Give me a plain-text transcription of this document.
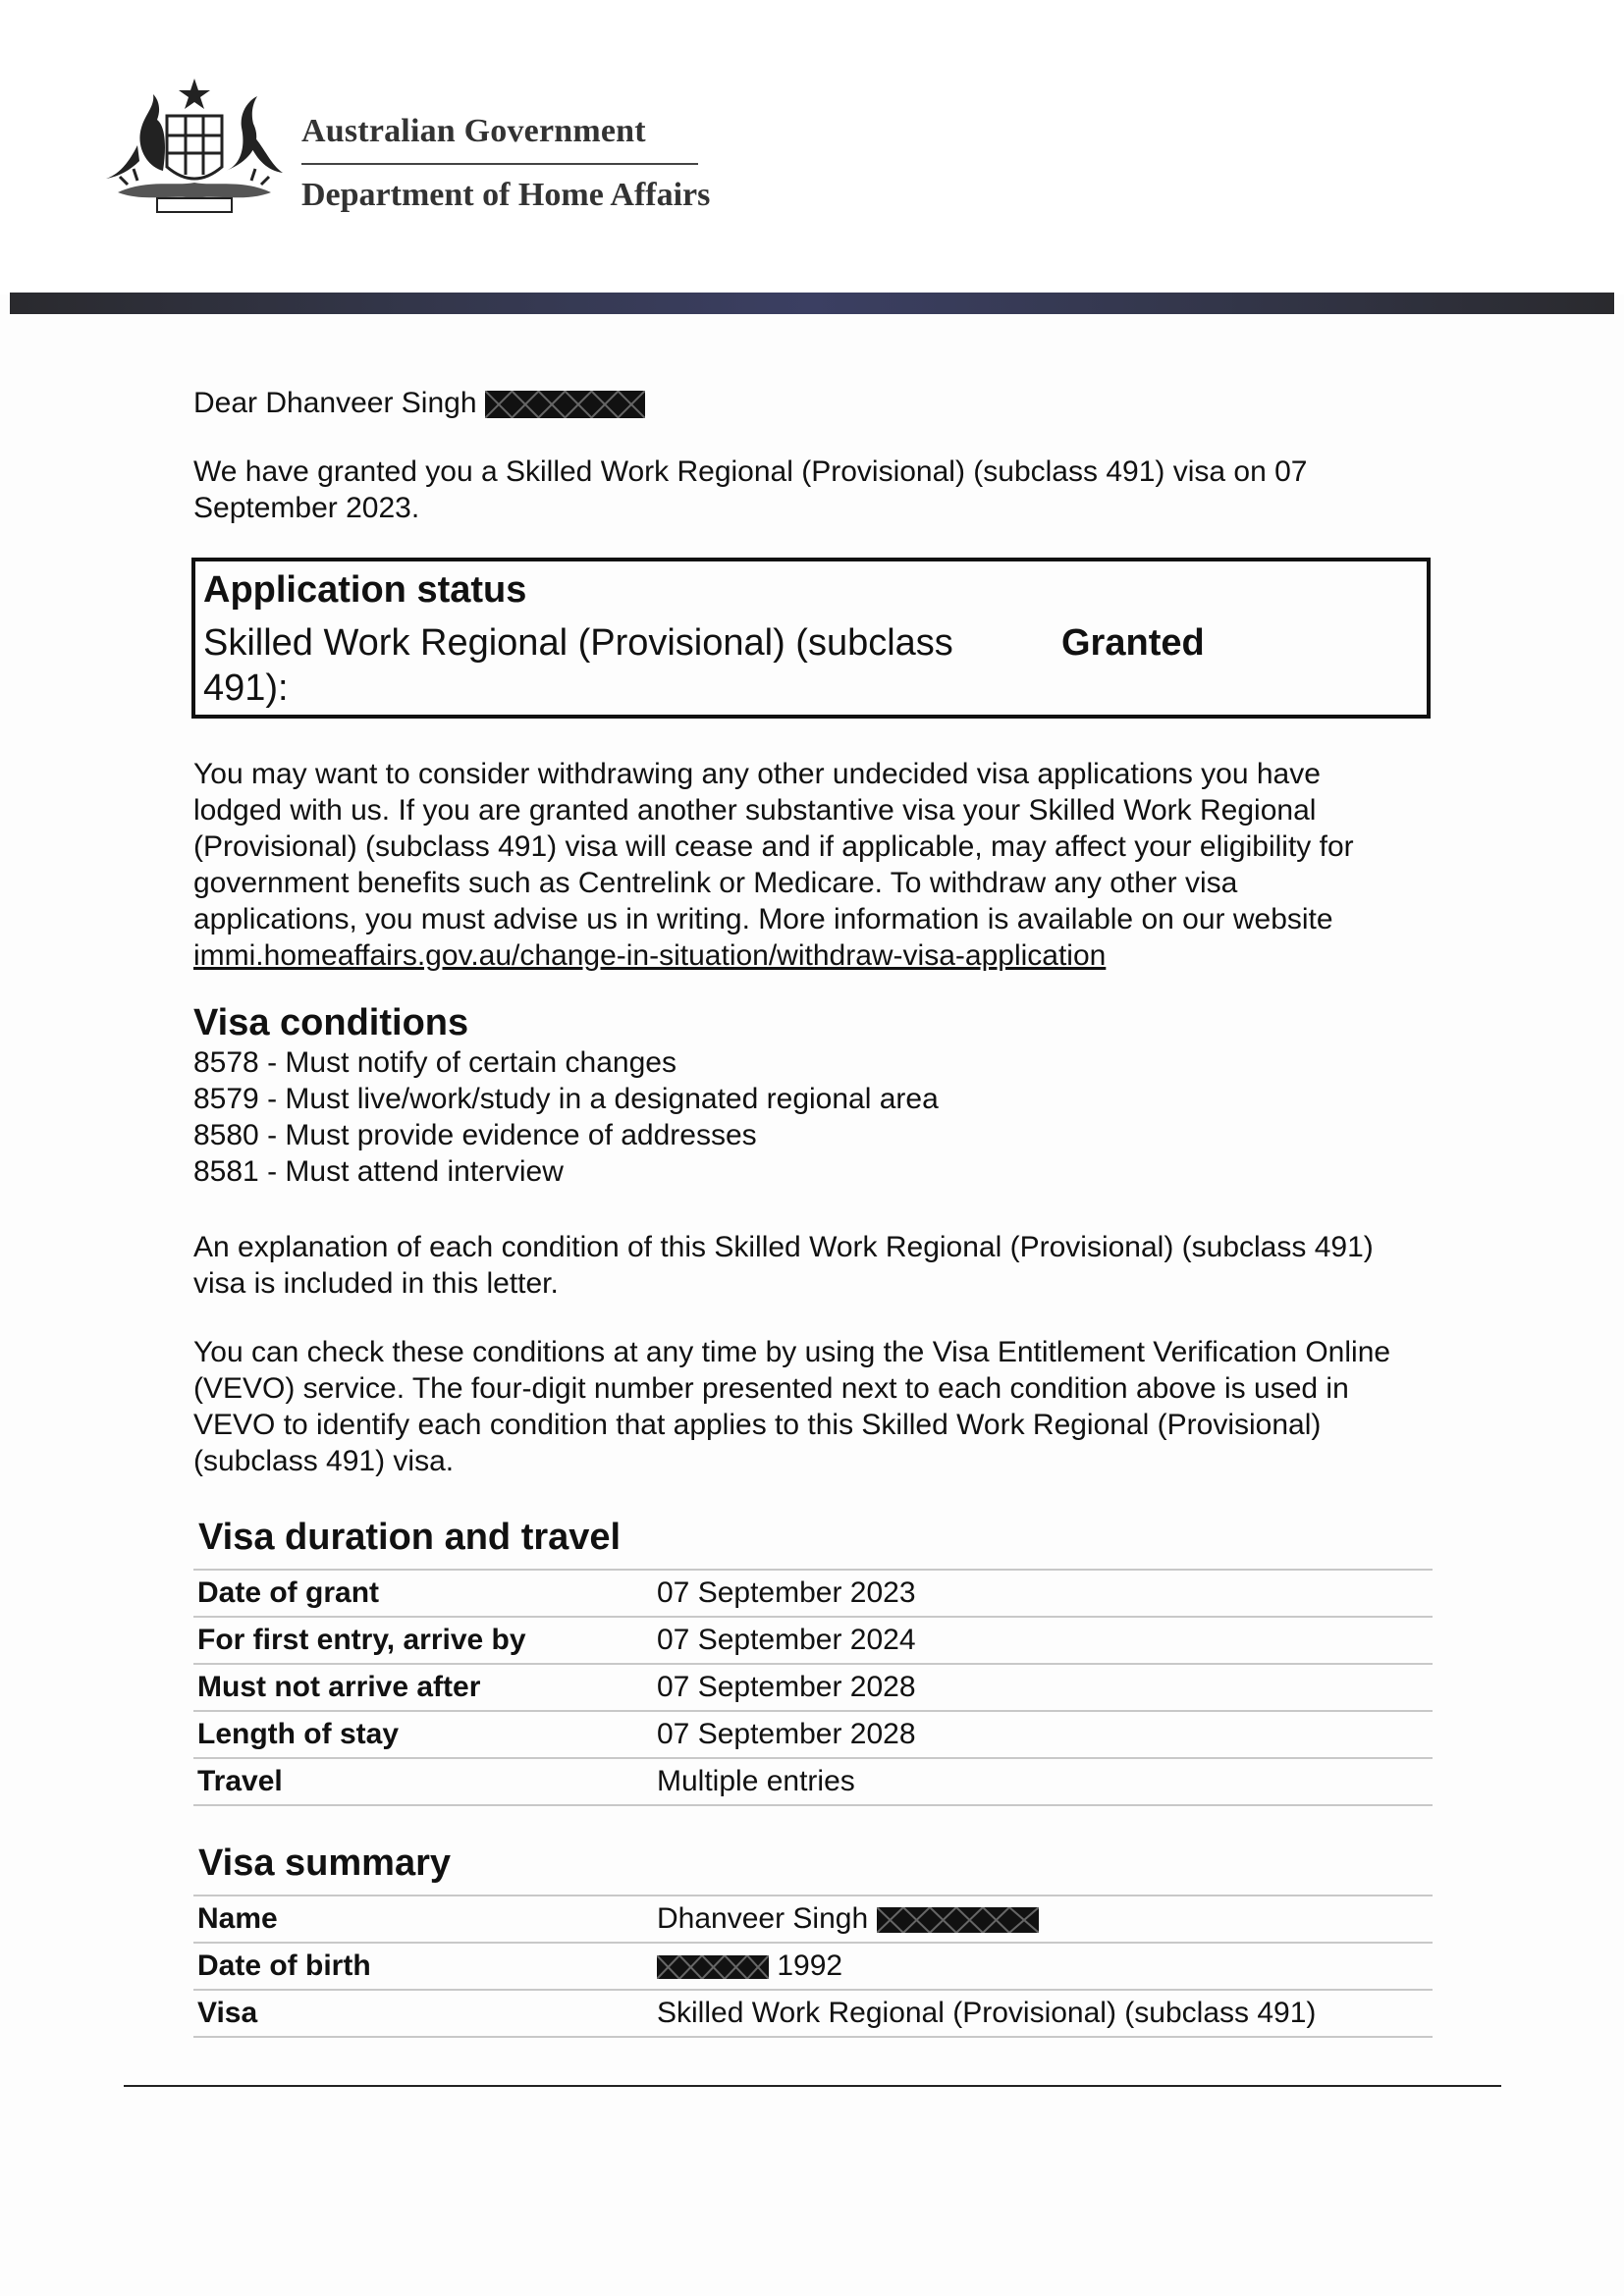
Australian Government
Department of Home Affairs

Dear Dhanveer Singh

We have granted you a Skilled Work Regional (Provisional) (subclass 491) visa on 07 September 2023.

Application status
Skilled Work Regional (Provisional) (subclass 491):
Granted

You may want to consider withdrawing any other undecided visa applications you have lodged with us. If you are granted another substantive visa your Skilled Work Regional (Provisional) (subclass 491) visa will cease and if applicable, may affect your eligibility for government benefits such as Centrelink or Medicare. To withdraw any other visa applications, you must advise us in writing. More information is available on our website immi.homeaffairs.gov.au/change-in-situation/withdraw-visa-application

Visa conditions

8578 - Must notify of certain changes
8579 - Must live/work/study in a designated regional area
8580 - Must provide evidence of addresses
8581 - Must attend interview

An explanation of each condition of this Skilled Work Regional (Provisional) (subclass 491) visa is included in this letter.

You can check these conditions at any time by using the Visa Entitlement Verification Online (VEVO) service. The four-digit number presented next to each condition above is used in VEVO to identify each condition that applies to this Skilled Work Regional (Provisional) (subclass 491) visa.

Visa duration and travel
Date of grant	07 September 2023
For first entry, arrive by	07 September 2024
Must not arrive after	07 September 2028
Length of stay	07 September 2028
Travel	Multiple entries
Visa summary
Name	Dhanveer Singh

Date of birth	1992
Visa	Skilled Work Regional (Provisional) (subclass 491)
